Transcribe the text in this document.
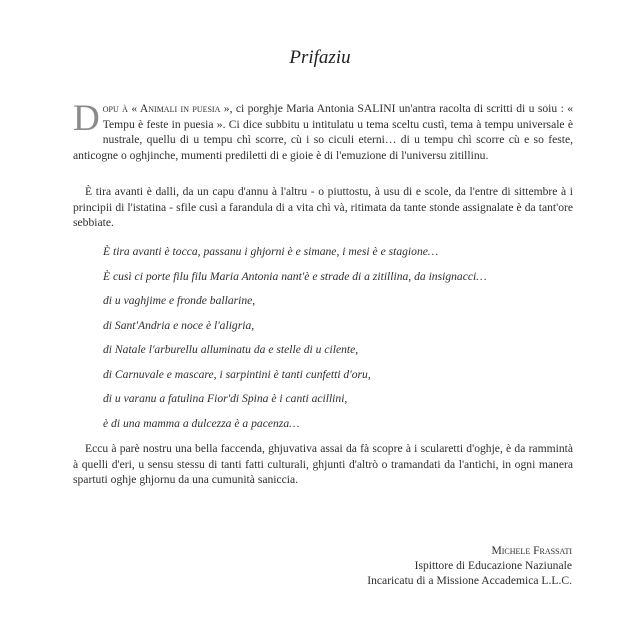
Prifaziu
Dopu à « Animali in puesia », ci porghje Maria Antonia SALINI un'antra racolta di scritti di u soiu : « Tempu è feste in puesia ». Ci dice subbitu u intitulatu u tema sceltu custì, tema à tempu universale è nustrale, quellu di u tempu chì scorre, cù i so ciculi eterni… di u tempu chì scorre cù e so feste, anticogne o oghjinche, mumenti prediletti di e gioie è di l'emuzione di l'universu zitillinu.
È tira avanti è dalli, da un capu d'annu à l'altru - o piuttostu, à usu di e scole, da l'entre di sittembre à i principii di l'istatina - sfile cusì a farandula di a vita chì và, ritimata da tante stonde assignalate è da tant'ore sebbiate.
È tira avanti è tocca, passanu i ghjorni è e simane, i mesi è e stagione…
È cusì ci porte filu filu Maria Antonia nant'è e strade di a zitillina, da insignacci…
di u vaghjime e fronde ballarine,
di Sant'Andria e noce è l'aligria,
di Natale l'arburellu alluminatu da e stelle di u cilente,
di Carnuvale e mascare, i sarpintini è tanti cunfetti d'oru,
di u varanu a fatulina Fior'di Spina è i canti acillini,
è di una mamma a dulcezza è a pacenza…
Eccu à parè nostru una bella faccenda, ghjuvativa assai da fà scopre à i scularetti d'oghje, è da rammintà à quelli d'eri, u sensu stessu di tanti fatti culturali, ghjunti d'altrò o tramandati da l'antichi, in ogni manera spartuti oghje ghjornu da una cumunità saniccia.
Michele Frassati
Ispittore di Educazione Naziunale
Incaricatu di a Missione Accademica L.L.C.
